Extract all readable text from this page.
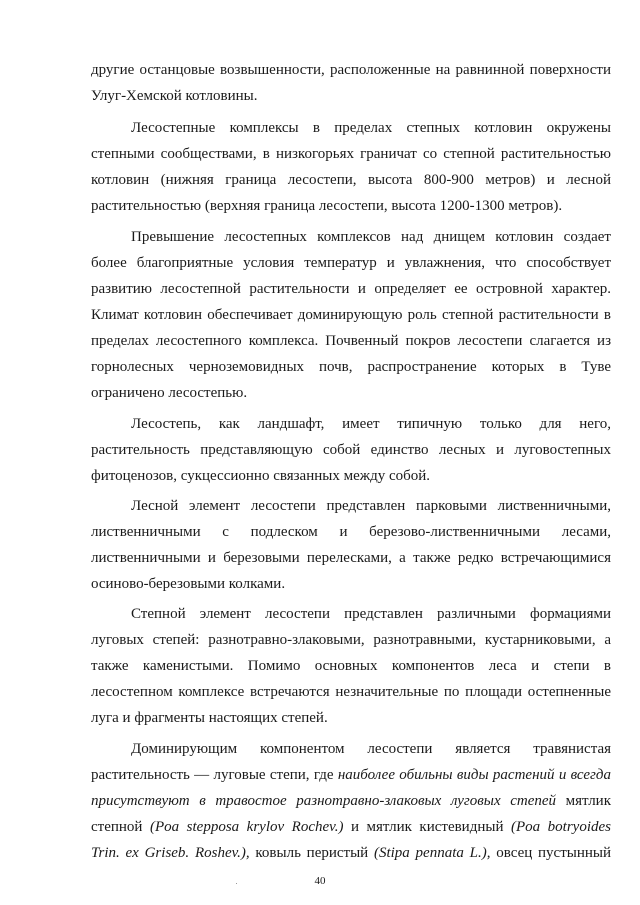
другие останцовые возвышенности, расположенные на равнинной поверхности
Улуг-Хемской котловины.
Лесостепные комплексы в пределах степных котловин окружены
степными сообществами, в низкогорьях граничат со степной растительностью
котловин (нижняя граница лесостепи, высота 800-900 метров) и лесной
растительностью (верхняя граница лесостепи, высота 1200-1300 метров).
Превышение лесостепных комплексов над днищем котловин создает
более благоприятные условия температур и увлажнения, что способствует
развитию лесостепной растительности и определяет ее островной характер.
Климат котловин обеспечивает доминирующую роль степной растительности в
пределах лесостепного комплекса. Почвенный покров лесостепи слагается из
горнолесных черноземовидных почв, распространение которых в Туве
ограничено лесостепью.
Лесостепь, как ландшафт, имеет типичную только для него,
растительность представляющую собой единство лесных и луговостепных
фитоценозов, сукцессионно связанных между собой.
Лесной элемент лесостепи представлен парковыми лиственничными,
лиственничными с подлеском и березово-лиственничными лесами,
лиственничными и березовыми перелесками, а также редко встречающимися
осиново-березовыми колками.
Степной элемент лесостепи представлен различными формациями
луговых степей: разнотравно-злаковыми, разнотравными, кустарниковыми, а
также каменистыми. Помимо основных компонентов леса и степи в
лесостепном комплексе встречаются незначительные по площади остепненные
луга и фрагменты настоящих степей.
Доминирующим компонентом лесостепи является травянистая
растительность — луговые степи, где наиболее обильны виды растений и всегда
присутствуют в травостое разнотравно-злаковых луговых степей мятлик
степной (Poa stepposa krylov Rochev.) и мятлик кистевидный (Poa botryoides
Trin. ex Griseb. Roshev.), ковыль перистый (Stipa pennata L.), овсец пустынный
40
